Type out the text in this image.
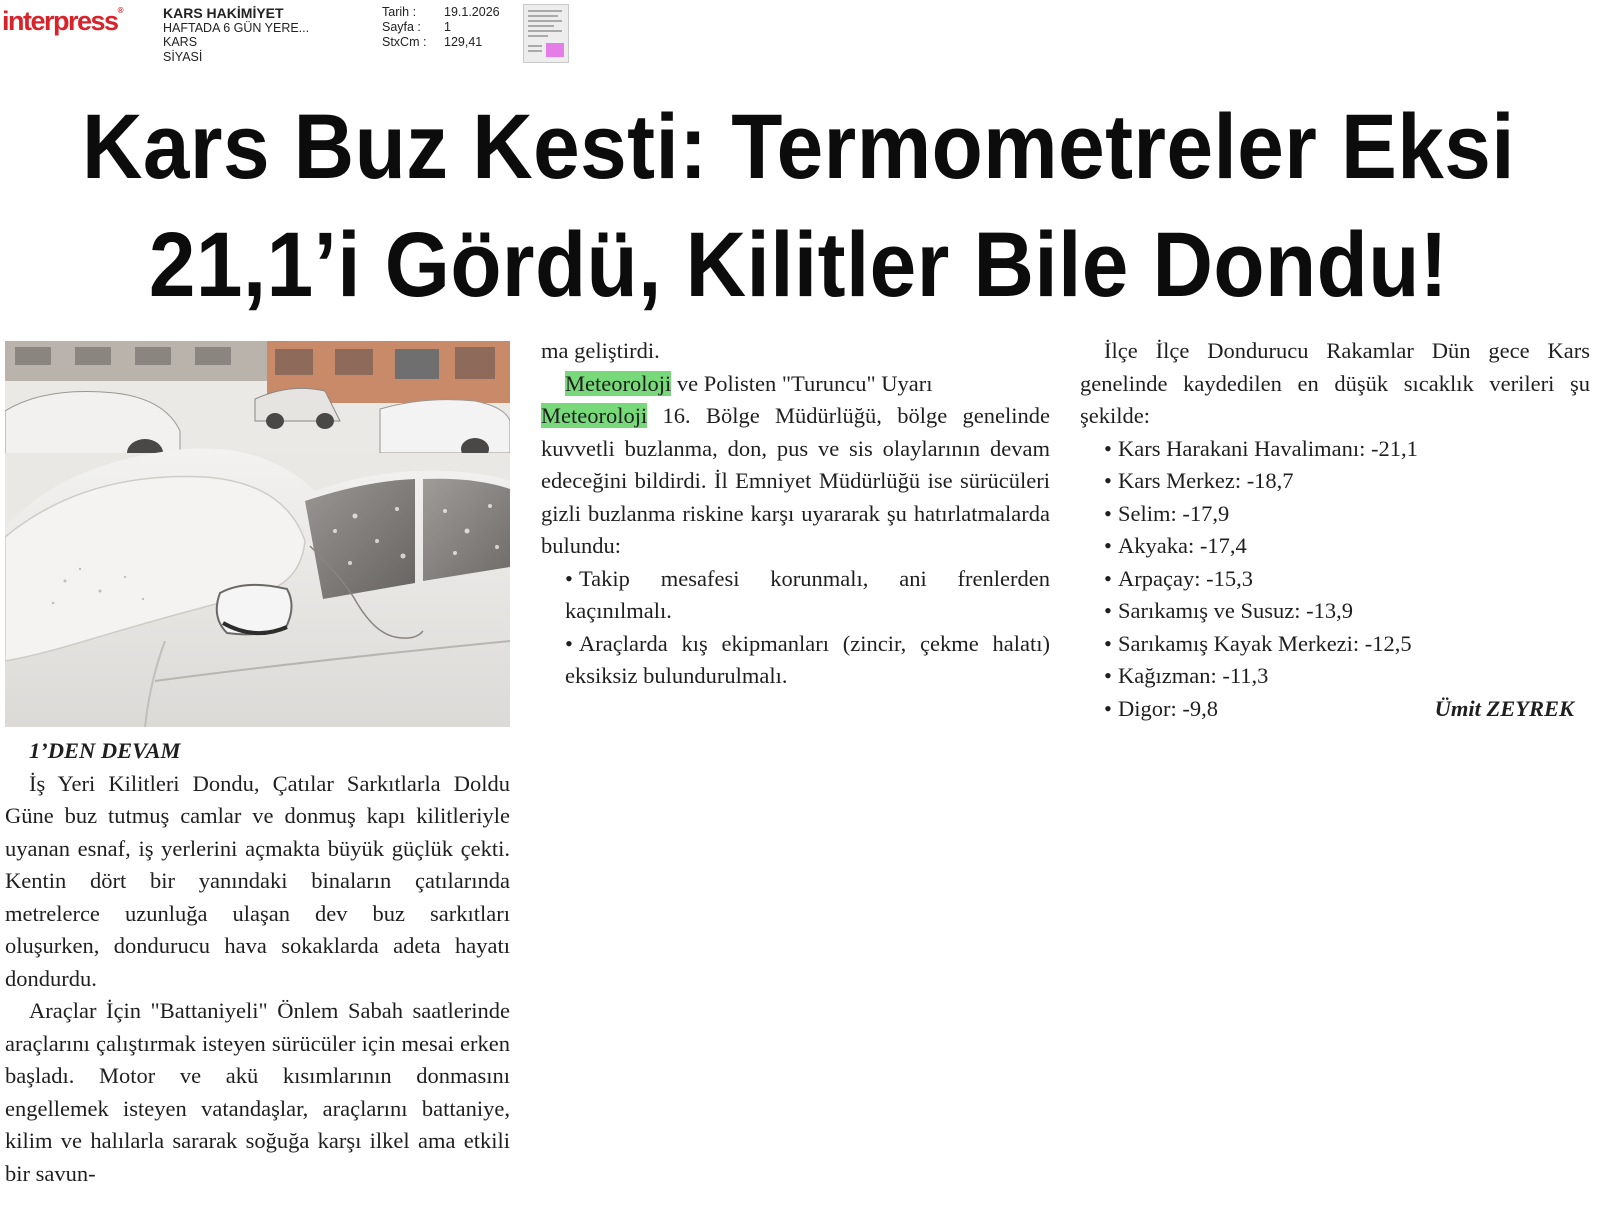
interpress®	KARS HAKİMİYET
HAFTADA 6 GÜN YERE...
KARS
SİYASİ
Tarih :	19.1.2026
Sayfa :	1
StxCm :	129,41
Kars Buz Kesti: Termometreler Eksi
21,1’i Gördü, Kilitler Bile Dondu!

1’DEN DEVAM

İş Yeri Kilitleri Dondu, Çatılar Sarkıtlarla Doldu Güne buz tutmuş camlar ve donmuş kapı kilitleriyle uyanan esnaf, iş yerlerini açmakta büyük güçlük çekti. Kentin dört bir yanındaki binaların çatılarında metrelerce uzunluğa ulaşan dev buz sarkıtları oluşurken, dondurucu hava sokaklarda adeta hayatı dondurdu.

Araçlar İçin "Battaniyeli" Önlem Sabah saatlerinde araçlarını çalıştırmak isteyen sürücüler için mesai erken başladı. Motor ve akü kısımlarının donmasını engellemek isteyen vatandaşlar, araçlarını battaniye, kilim ve halılarla sararak soğuğa karşı ilkel ama etkili bir savun-

ma geliştirdi.

Meteoroloji ve Polisten "Turuncu" Uyarı

Meteoroloji 16. Bölge Müdürlüğü, bölge genelinde kuvvetli buzlanma, don, pus ve sis olaylarının devam edeceğini bildirdi. İl Emniyet Müdürlüğü ise sürücüleri gizli buzlanma riskine karşı uyararak şu hatırlatmalarda bulundu:

• Takip mesafesi korunmalı, ani frenlerden kaçınılmalı.

• Araçlarda kış ekipmanları (zincir, çekme halatı) eksiksiz bulundurulmalı.

İlçe İlçe Dondurucu Rakamlar Dün gece Kars genelinde kaydedilen en düşük sıcaklık verileri şu şekilde:

• Kars Harakani Havalimanı: -21,1

• Kars Merkez: -18,7

• Selim: -17,9

• Akyaka: -17,4

• Arpaçay: -15,3

• Sarıkamış ve Susuz: -13,9

• Sarıkamış Kayak Merkezi: -12,5

• Kağızman: -11,3

• Digor: -9,8	Ümit ZEYREK
